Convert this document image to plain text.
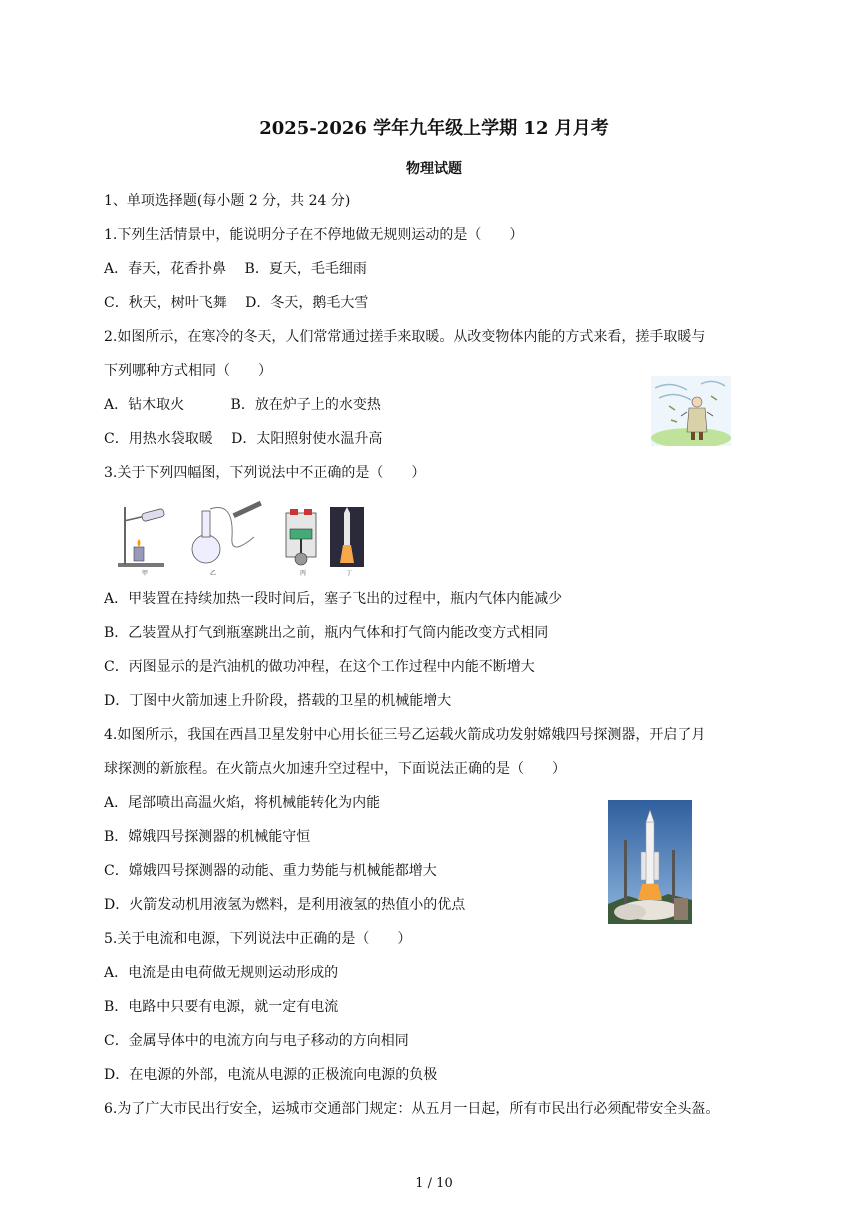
2025-2026 学年九年级上学期 12 月月考
物理试题
1、单项选择题(每小题 2 分，共 24 分)
1.下列生活情景中，能说明分子在不停地做无规则运动的是（　　）
A．春天，花香扑鼻　 B．夏天，毛毛细雨
C．秋天，树叶飞舞　 D．冬天，鹅毛大雪
2.如图所示，在寒冷的冬天，人们常常通过搓手来取暖。从改变物体内能的方式来看，搓手取暖与
下列哪种方式相同（　　）
A．钻木取火　　　 B．放在炉子上的水变热
C．用热水袋取暖　 D．太阳照射使水温升高
3.关于下列四幅图，下列说法中不正确的是（　　）
甲	乙	丙	丁
A．甲装置在持续加热一段时间后，塞子飞出的过程中，瓶内气体内能减少
B．乙装置从打气到瓶塞跳出之前，瓶内气体和打气筒内能改变方式相同
C．丙图显示的是汽油机的做功冲程，在这个工作过程中内能不断增大
D．丁图中火箭加速上升阶段，搭载的卫星的机械能增大
4.如图所示，我国在西昌卫星发射中心用长征三号乙运载火箭成功发射嫦娥四号探测器，开启了月
球探测的新旅程。在火箭点火加速升空过程中，下面说法正确的是（　　）
A．尾部喷出高温火焰，将机械能转化为内能
B．嫦娥四号探测器的机械能守恒
C．嫦娥四号探测器的动能、重力势能与机械能都增大
D．火箭发动机用液氢为燃料，是利用液氢的热值小的优点
5.关于电流和电源，下列说法中正确的是（　　）
A．电流是由电荷做无规则运动形成的
B．电路中只要有电源，就一定有电流
C．金属导体中的电流方向与电子移动的方向相同
D．在电源的外部，电流从电源的正极流向电源的负极
6.为了广大市民出行安全，运城市交通部门规定：从五月一日起，所有市民出行必须配带安全头盔。
1 / 10
